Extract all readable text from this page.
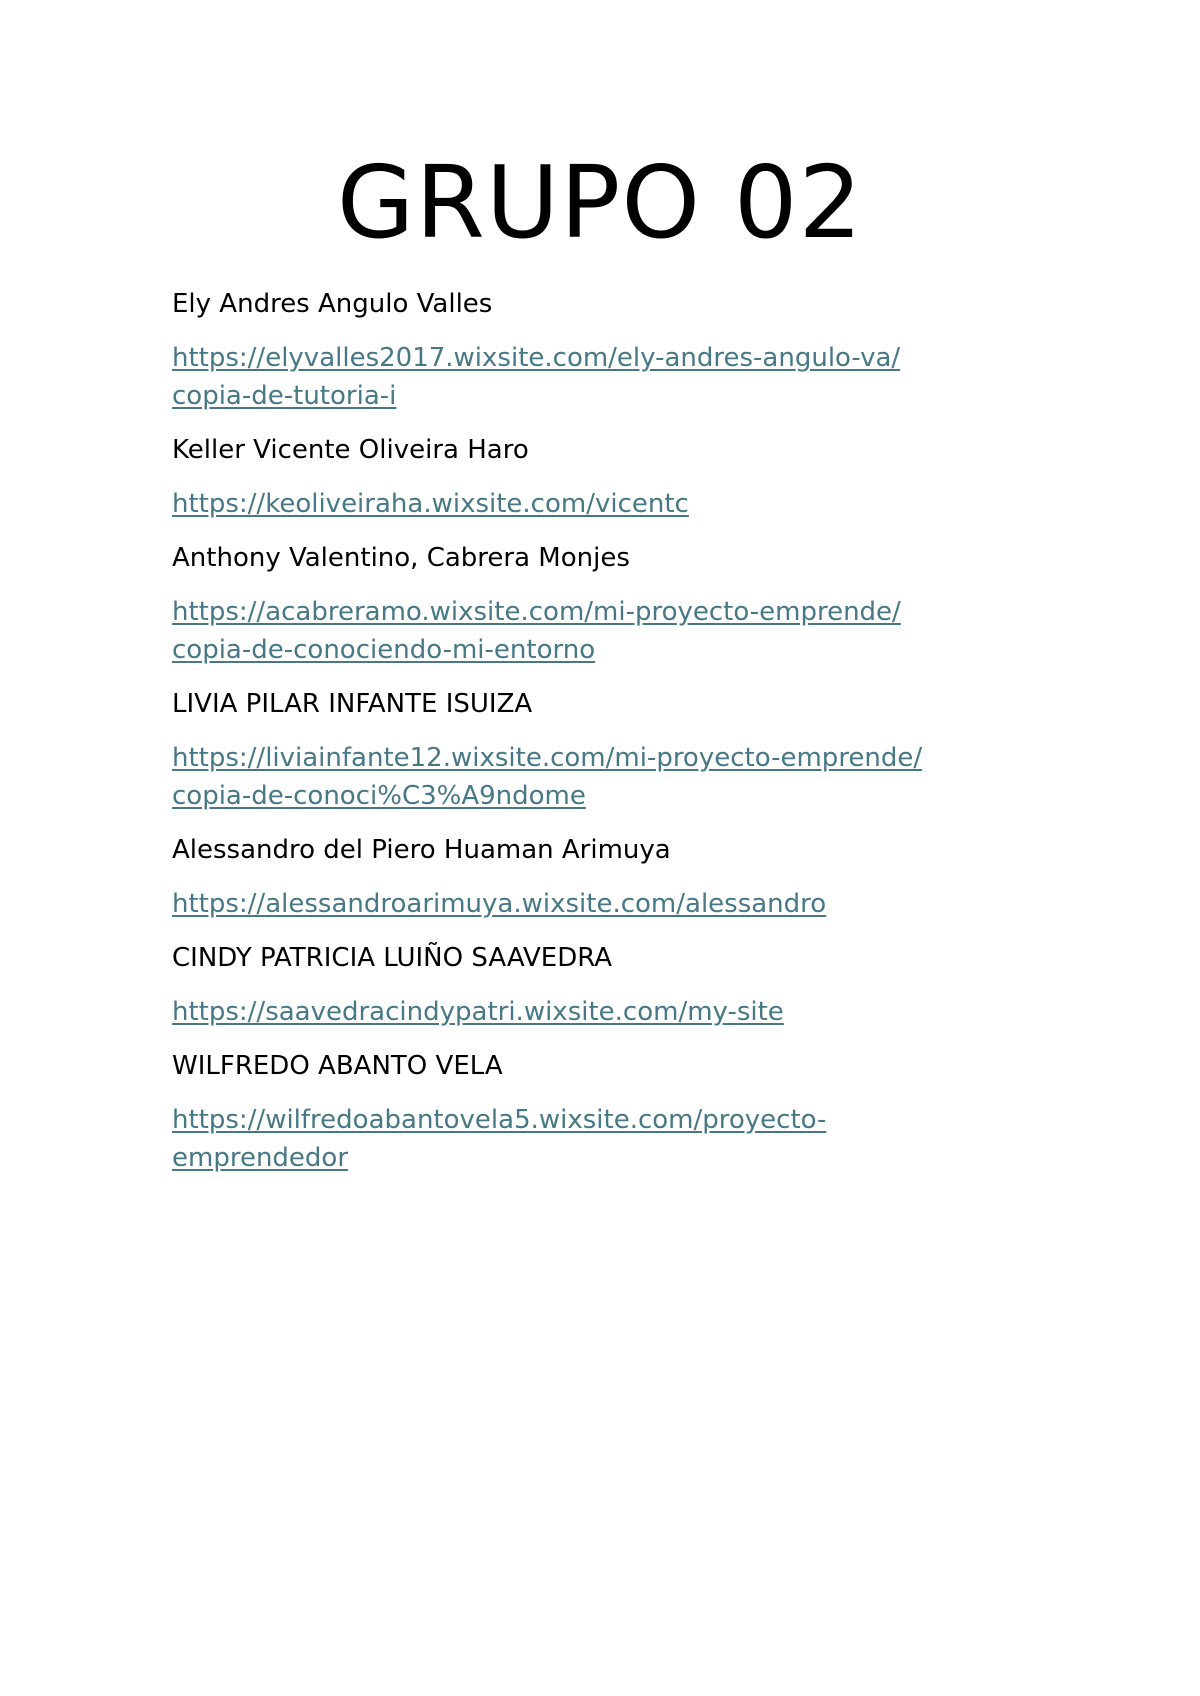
GRUPO 02

Ely Andres Angulo Valles

https://elyvalles2017.wixsite.com/ely-andres-angulo-va/
copia-de-tutoria-i

Keller Vicente Oliveira Haro

https://keoliveiraha.wixsite.com/vicentc

Anthony Valentino, Cabrera Monjes

https://acabreramo.wixsite.com/mi-proyecto-emprende/
copia-de-conociendo-mi-entorno

LIVIA PILAR INFANTE ISUIZA

https://liviainfante12.wixsite.com/mi-proyecto-emprende/
copia-de-conoci%C3%A9ndome

Alessandro del Piero Huaman Arimuya

https://alessandroarimuya.wixsite.com/alessandro

CINDY PATRICIA LUIÑO SAAVEDRA

https://saavedracindypatri.wixsite.com/my-site

WILFREDO ABANTO VELA

https://wilfredoabantovela5.wixsite.com/proyecto-
emprendedor
